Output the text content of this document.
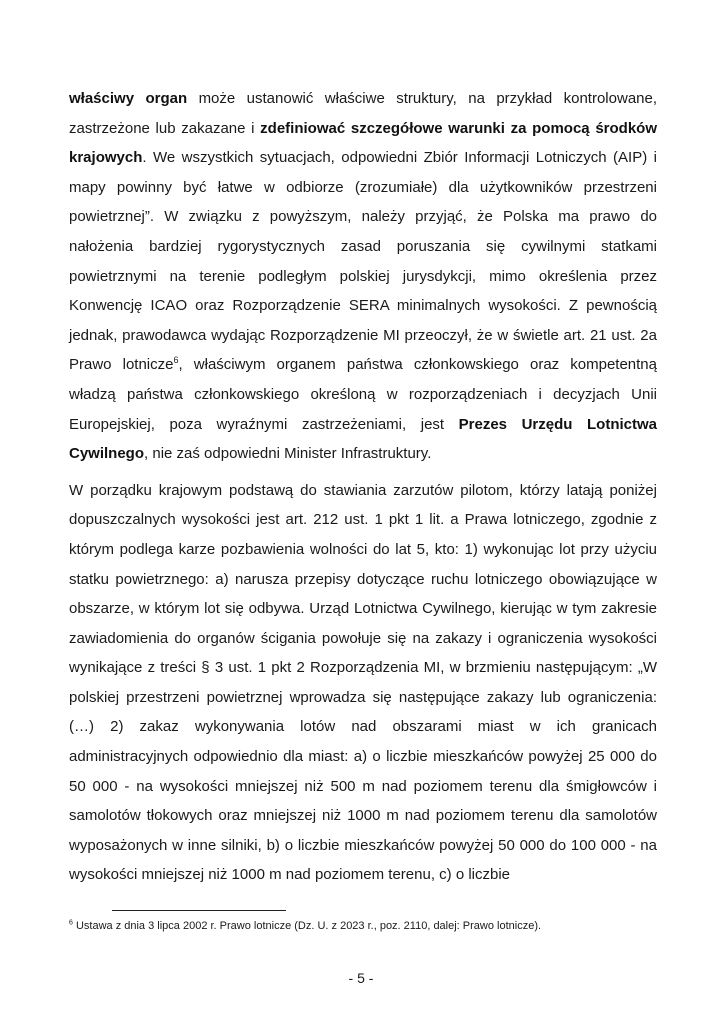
właściwy organ może ustanowić właściwe struktury, na przykład kontrolowane, zastrzeżone lub zakazane i zdefiniować szczegółowe warunki za pomocą środków krajowych. We wszystkich sytuacjach, odpowiedni Zbiór Informacji Lotniczych (AIP) i mapy powinny być łatwe w odbiorze (zrozumiałe) dla użytkowników przestrzeni powietrznej”. W związku z powyższym, należy przyjąć, że Polska ma prawo do nałożenia bardziej rygorystycznych zasad poruszania się cywilnymi statkami powietrznymi na terenie podległym polskiej jurysdykcji, mimo określenia przez Konwencję ICAO oraz Rozporządzenie SERA minimalnych wysokości. Z pewnością jednak, prawodawca wydając Rozporządzenie MI przeoczył, że w świetle art. 21 ust. 2a Prawo lotnicze$^6$, właściwym organem państwa członkowskiego oraz kompetentną władzą państwa członkowskiego określoną w rozporządzeniach i decyzjach Unii Europejskiej, poza wyraźnymi zastrzeżeniami, jest Prezes Urzędu Lotnictwa Cywilnego, nie zaś odpowiedni Minister Infrastruktury.

W porządku krajowym podstawą do stawiania zarzutów pilotom, którzy latają poniżej dopuszczalnych wysokości jest art. 212 ust. 1 pkt 1 lit. a Prawa lotniczego, zgodnie z którym podlega karze pozbawienia wolności do lat 5, kto: 1) wykonując lot przy użyciu statku powietrznego: a) narusza przepisy dotyczące ruchu lotniczego obowiązujące w obszarze, w którym lot się odbywa. Urząd Lotnictwa Cywilnego, kierując w tym zakresie zawiadomienia do organów ścigania powołuje się na zakazy i ograniczenia wysokości wynikające z treści § 3 ust. 1 pkt 2 Rozporządzenia MI, w brzmieniu następującym: „W polskiej przestrzeni powietrznej wprowadza się następujące zakazy lub ograniczenia: (…) 2) zakaz wykonywania lotów nad obszarami miast w ich granicach administracyjnych odpowiednio dla miast: a) o liczbie mieszkańców powyżej 25 000 do 50 000 - na wysokości mniejszej niż 500 m nad poziomem terenu dla śmigłowców i samolotów tłokowych oraz mniejszej niż 1000 m nad poziomem terenu dla samolotów wyposażonych w inne silniki, b) o liczbie mieszkańców powyżej 50 000 do 100 000 - na wysokości mniejszej niż 1000 m nad poziomem terenu, c) o liczbie

$^6$ Ustawa z dnia 3 lipca 2002 r. Prawo lotnicze (Dz. U. z 2023 r., poz. 2110, dalej: Prawo lotnicze).
- 5 -
